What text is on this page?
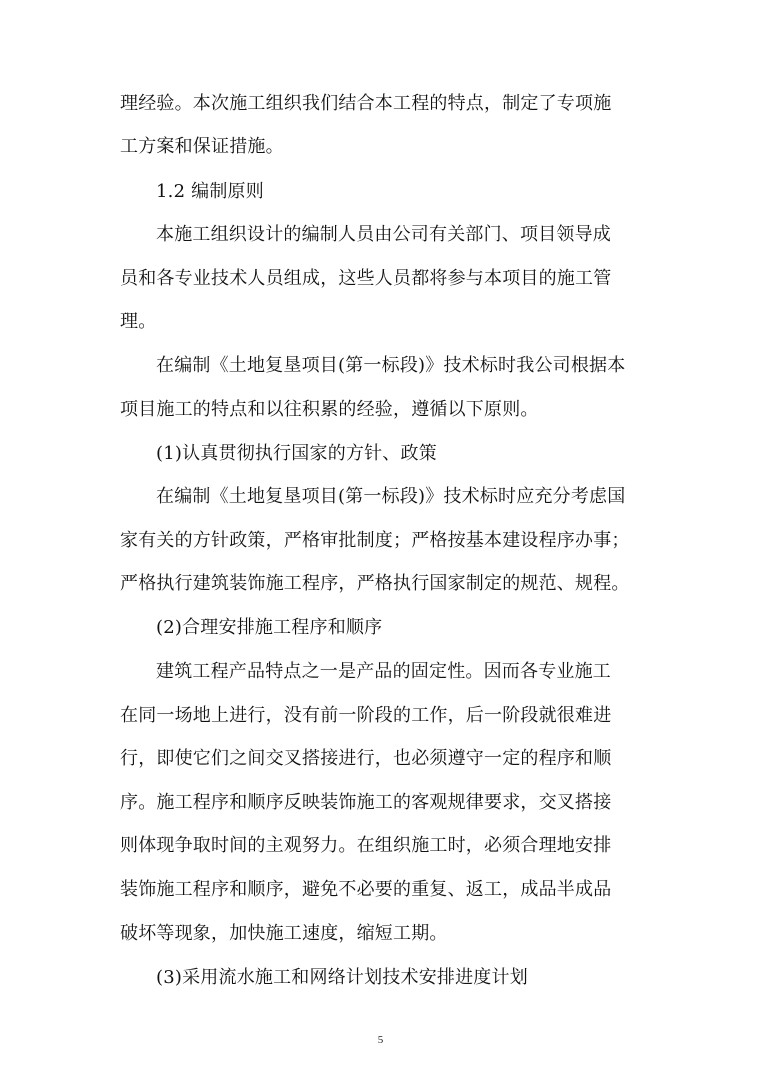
理经验。本次施工组织我们结合本工程的特点，制定了专项施
工方案和保证措施。
1.2 编制原则
本施工组织设计的编制人员由公司有关部门、项目领导成
员和各专业技术人员组成，这些人员都将参与本项目的施工管
理。
在编制《土地复垦项目(第一标段)》技术标时我公司根据本
项目施工的特点和以往积累的经验，遵循以下原则。
(1)认真贯彻执行国家的方针、政策
在编制《土地复垦项目(第一标段)》技术标时应充分考虑国
家有关的方针政策，严格审批制度；严格按基本建设程序办事；
严格执行建筑装饰施工程序，严格执行国家制定的规范、规程。
(2)合理安排施工程序和顺序
建筑工程产品特点之一是产品的固定性。因而各专业施工
在同一场地上进行，没有前一阶段的工作，后一阶段就很难进
行，即使它们之间交叉搭接进行，也必须遵守一定的程序和顺
序。施工程序和顺序反映装饰施工的客观规律要求，交叉搭接
则体现争取时间的主观努力。在组织施工时，必须合理地安排
装饰施工程序和顺序，避免不必要的重复、返工，成品半成品
破坏等现象，加快施工速度，缩短工期。
(3)采用流水施工和网络计划技术安排进度计划
5
